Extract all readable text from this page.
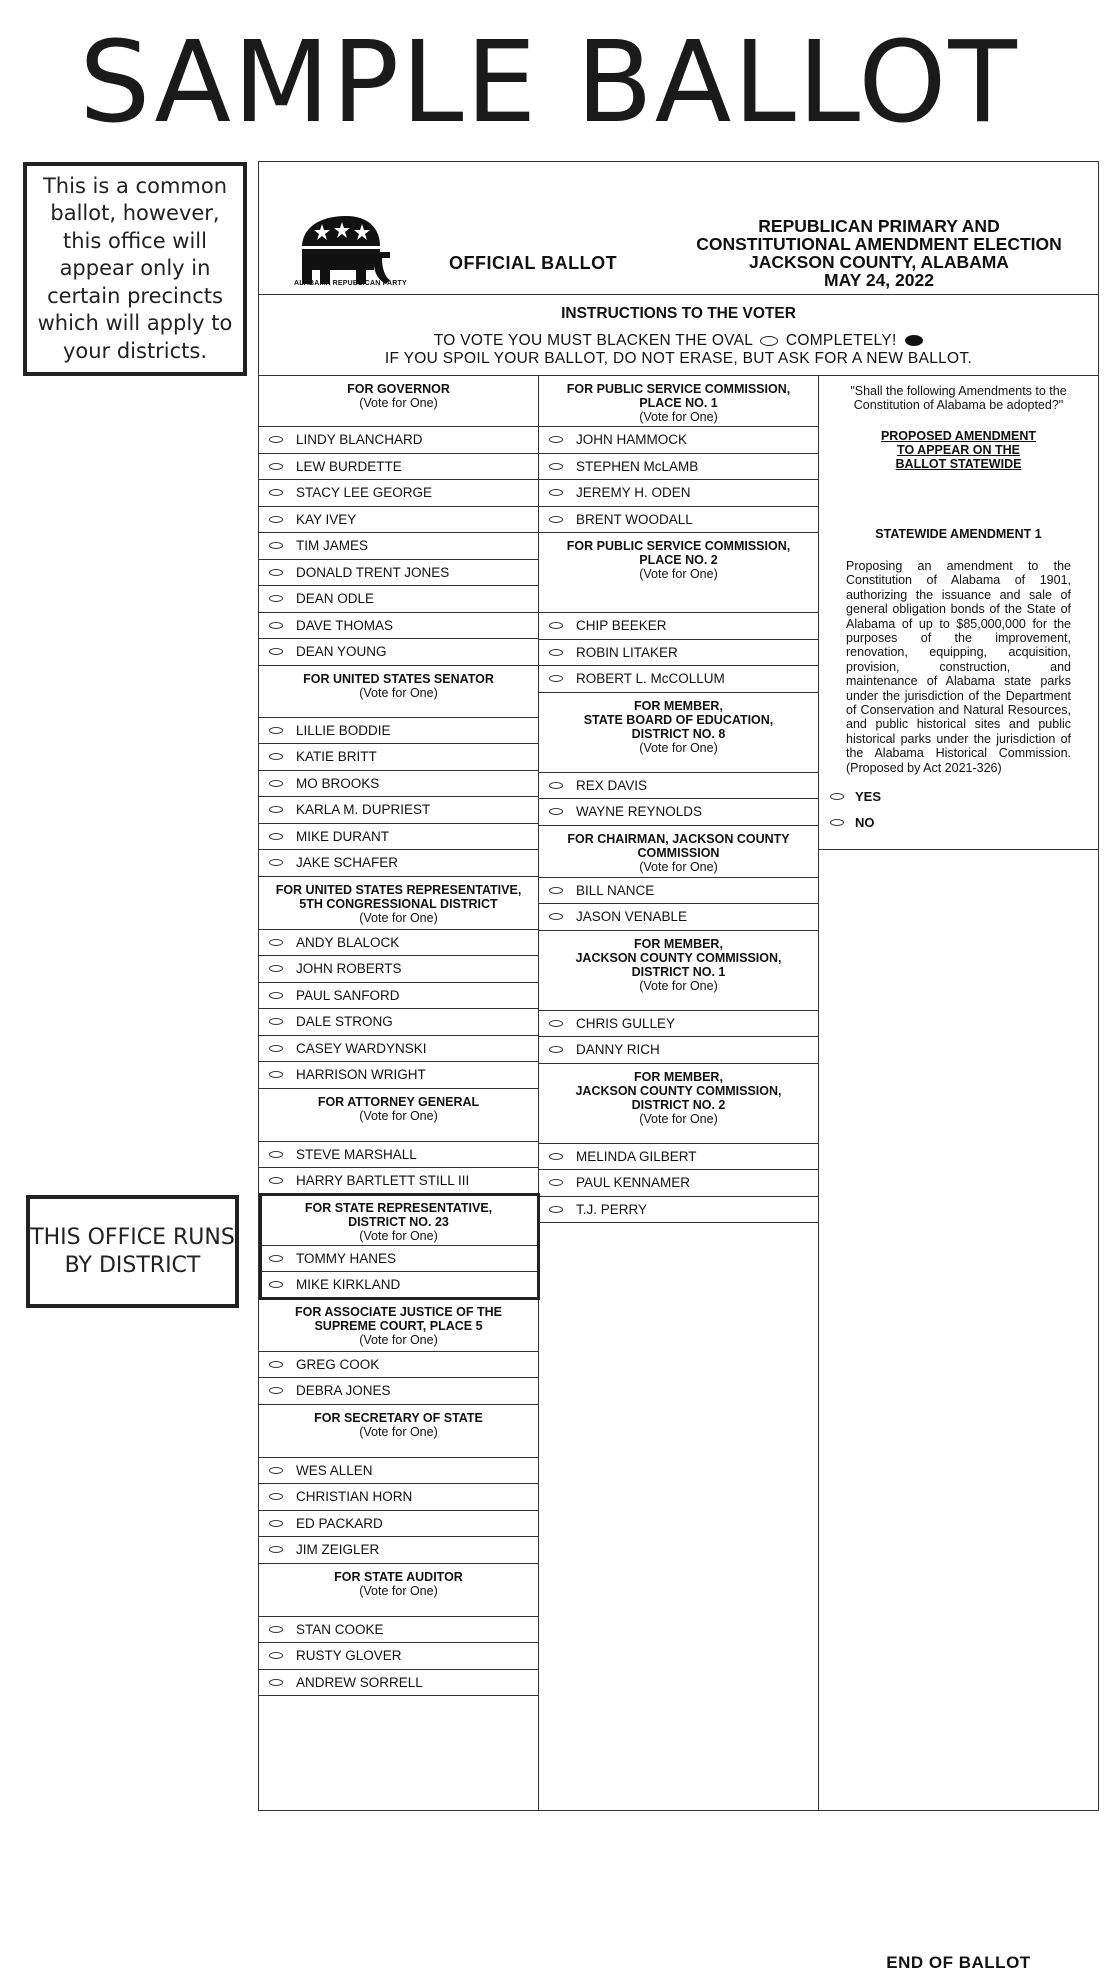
SAMPLE BALLOT
This is a common ballot, however, this office will appear only in certain precincts which will apply to your districts.
THIS OFFICE RUNS BY DISTRICT
ALABAMA REPUBLICAN PARTY
OFFICIAL BALLOT
REPUBLICAN PRIMARY AND
CONSTITUTIONAL AMENDMENT ELECTION
JACKSON COUNTY, ALABAMA
MAY 24, 2022
INSTRUCTIONS TO THE VOTER
TO VOTE YOU MUST BLACKEN THE OVAL COMPLETELY!
IF YOU SPOIL YOUR BALLOT, DO NOT ERASE, BUT ASK FOR A NEW BALLOT.
FOR GOVERNOR
(Vote for One)
LINDY BLANCHARD
LEW BURDETTE
STACY LEE GEORGE
KAY IVEY
TIM JAMES
DONALD TRENT JONES
DEAN ODLE
DAVE THOMAS
DEAN YOUNG
FOR UNITED STATES SENATOR
(Vote for One)
LILLIE BODDIE
KATIE BRITT
MO BROOKS
KARLA M. DUPRIEST
MIKE DURANT
JAKE SCHAFER
FOR UNITED STATES REPRESENTATIVE,
5TH CONGRESSIONAL DISTRICT
(Vote for One)
ANDY BLALOCK
JOHN ROBERTS
PAUL SANFORD
DALE STRONG
CASEY WARDYNSKI
HARRISON WRIGHT
FOR ATTORNEY GENERAL
(Vote for One)
STEVE MARSHALL
HARRY BARTLETT STILL III
FOR STATE REPRESENTATIVE,
DISTRICT NO. 23
(Vote for One)
TOMMY HANES
MIKE KIRKLAND
FOR ASSOCIATE JUSTICE OF THE
SUPREME COURT, PLACE 5
(Vote for One)
GREG COOK
DEBRA JONES
FOR SECRETARY OF STATE
(Vote for One)
WES ALLEN
CHRISTIAN HORN
ED PACKARD
JIM ZEIGLER
FOR STATE AUDITOR
(Vote for One)
STAN COOKE
RUSTY GLOVER
ANDREW SORRELL
FOR PUBLIC SERVICE COMMISSION,
PLACE NO. 1
(Vote for One)
JOHN HAMMOCK
STEPHEN McLAMB
JEREMY H. ODEN
BRENT WOODALL
FOR PUBLIC SERVICE COMMISSION,
PLACE NO. 2
(Vote for One)
CHIP BEEKER
ROBIN LITAKER
ROBERT L. McCOLLUM
FOR MEMBER,
STATE BOARD OF EDUCATION,
DISTRICT NO. 8
(Vote for One)
REX DAVIS
WAYNE REYNOLDS
FOR CHAIRMAN, JACKSON COUNTY
COMMISSION
(Vote for One)
BILL NANCE
JASON VENABLE
FOR MEMBER,
JACKSON COUNTY COMMISSION,
DISTRICT NO. 1
(Vote for One)
CHRIS GULLEY
DANNY RICH
FOR MEMBER,
JACKSON COUNTY COMMISSION,
DISTRICT NO. 2
(Vote for One)
MELINDA GILBERT
PAUL KENNAMER
T.J. PERRY
"Shall the following Amendments to the Constitution of Alabama be adopted?"
PROPOSED AMENDMENT TO APPEAR ON THE BALLOT STATEWIDE
STATEWIDE AMENDMENT 1
Proposing an amendment to the Constitution of Alabama of 1901, authorizing the issuance and sale of general obligation bonds of the State of Alabama of up to $85,000,000 for the purposes of the improvement, renovation, equipping, acquisition, provision, construction, and maintenance of Alabama state parks under the jurisdiction of the Department of Conservation and Natural Resources, and public historical sites and public historical parks under the jurisdiction of the Alabama Historical Commission. (Proposed by Act 2021-326)
YES
NO
END OF BALLOT
